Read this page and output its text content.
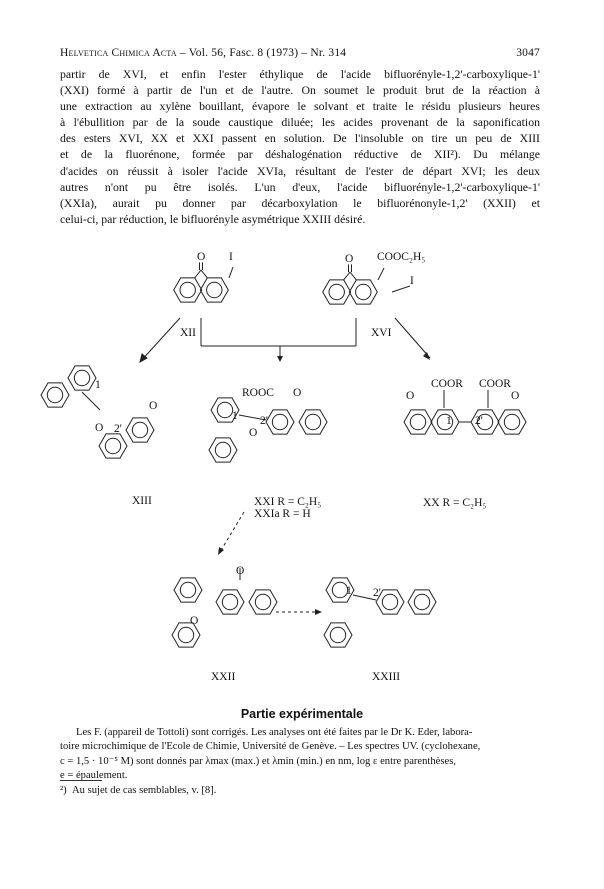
Helvetica Chimica Acta – Vol. 56, Fasc. 8 (1973) – Nr. 314	3047
partir de XVI, et enfin l'ester éthylique de l'acide bifluorényle-1,2'-carboxylique-1'
(XXI) formé à partir de l'un et de l'autre. On soumet le produit brut de la réaction à
une extraction au xylène bouillant, évapore le solvant et traite le résidu plusieurs heures
à l'ébullition par de la soude caustique diluée; les acides provenant de la saponification
des esters XVI, XX et XXI passent en solution. De l'insoluble on tire un peu de XIII
et de la fluorénone, formée par déshalogénation réductive de XII²). Du mélange
d'acides on réussit à isoler l'acide XVIa, résultant de l'ester de départ XVI; les deux
autres n'ont pu être isolés. L'un d'eux, l'acide bifluorényle-1,2'-carboxylique-1'
(XXIa), aurait pu donner par décarboxylation le bifluorénonyle-1,2' (XXII) et
celui-ci, par réduction, le bifluorényle asymétrique XXIII désiré.
O I	O COOC₂H₅
I
O
1
O
2'
ROOC O
1 2'
O
COOR COOR
O	O
1 2'
O
O
1 2'
XII	XVI
XIII	XXI R = C₂H₅
XXIa R = H
XX R = C₂H₅
XXII	XXIII
Partie expérimentale
Les F. (appareil de Tottoli) sont corrigés. Les analyses ont été faites par le Dr K. Eder, labora-
toire microchimique de l'Ecole de Chimie, Université de Genève. – Les spectres UV. (cyclohexane,
c = 1,5 · 10⁻⁵ M) sont donnés par λmax (max.) et λmin (min.) en nm, log ε entre parenthèses,
e = épaulement.
²) Au sujet de cas semblables, v. [8].
